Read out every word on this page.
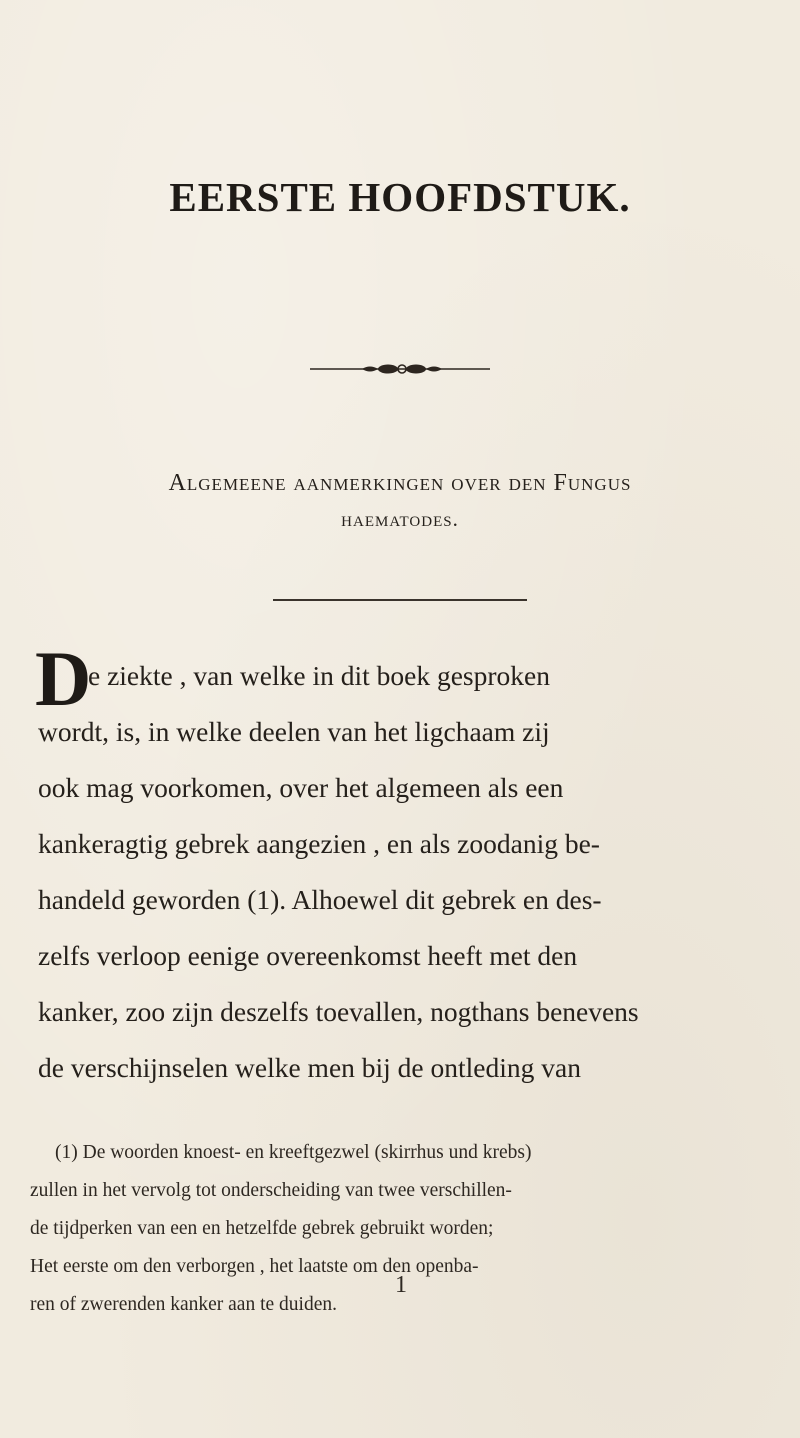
EERSTE HOOFDSTUK.
Algemeene aanmerkingen over den Fungus
haematodes.
D
e ziekte , van welke in dit boek gesproken
wordt, is, in welke deelen van het ligchaam zij
ook mag voorkomen, over het algemeen als een
kankeragtig gebrek aangezien , en als zoodanig be-
handeld geworden (1). Alhoewel dit gebrek en des-
zelfs verloop eenige overeenkomst heeft met den
kanker, zoo zijn deszelfs toevallen, nogthans benevens
de verschijnselen welke men bij de ontleding van
(1) De woorden knoest- en kreeftgezwel (skirrhus und krebs)
zullen in het vervolg tot onderscheiding van twee verschillen-
de tijdperken van een en hetzelfde gebrek gebruikt worden;
Het eerste om den verborgen , het laatste om den openba-
ren of zwerenden kanker aan te duiden.
1
